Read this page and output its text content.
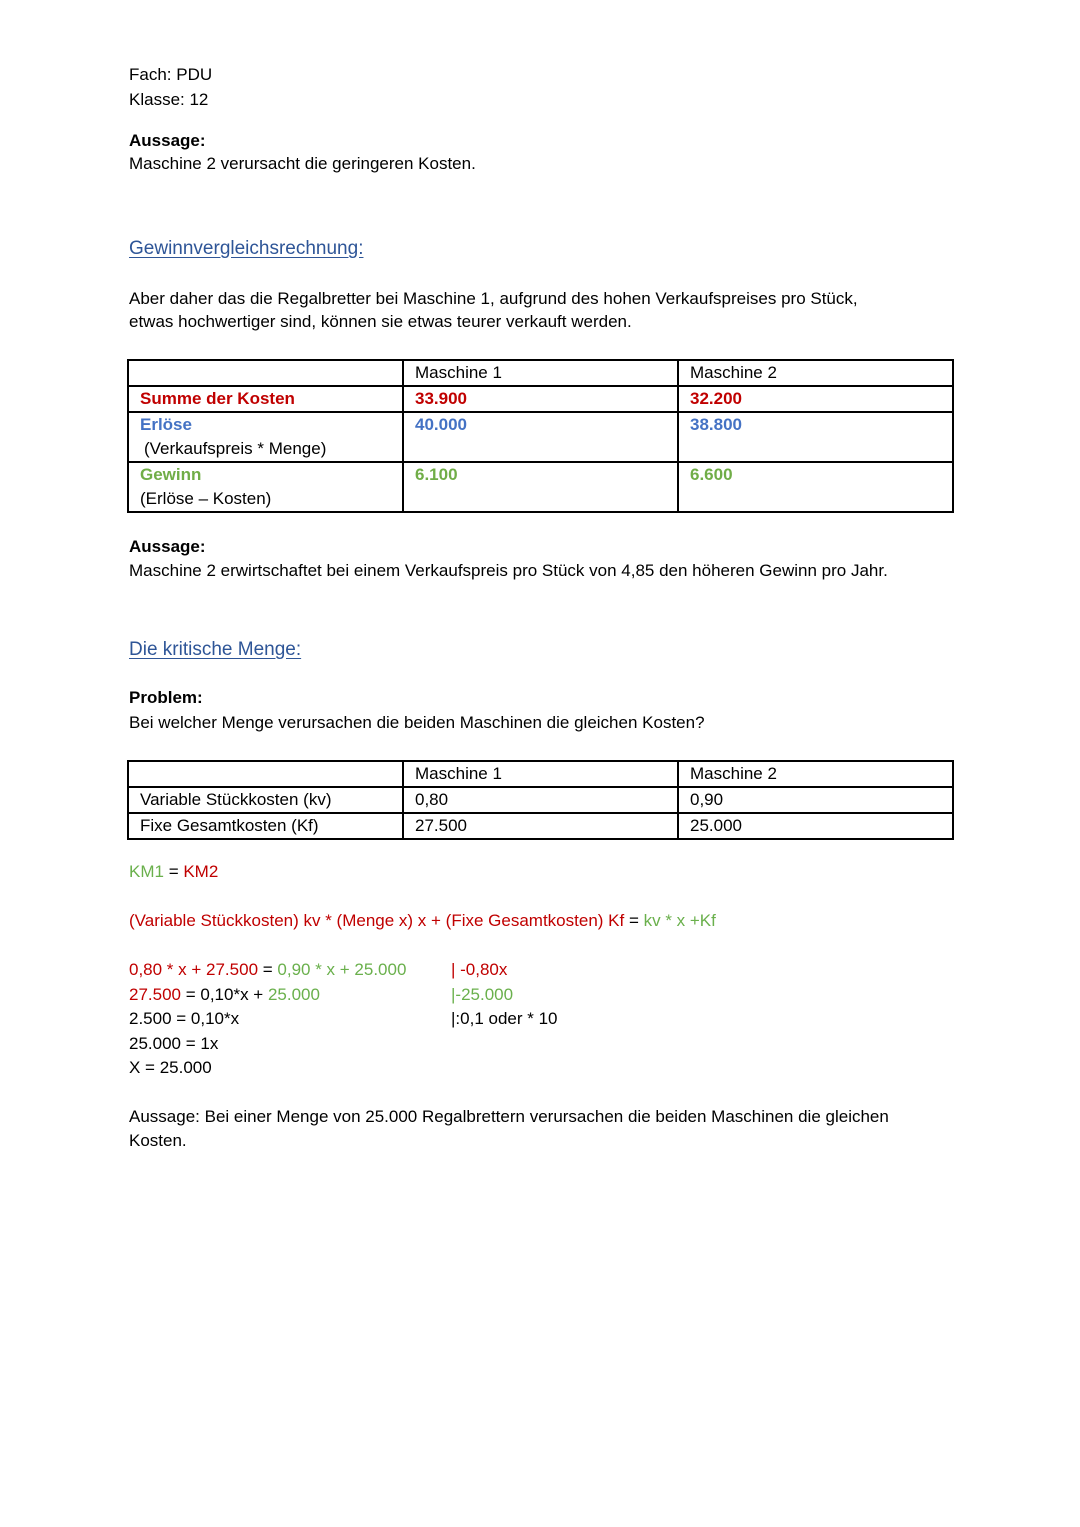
Fach: PDU
Klasse: 12
Aussage:
Maschine 2 verursacht die geringeren Kosten.
Gewinnvergleichsrechnung:
Aber daher das die Regalbretter bei Maschine 1, aufgrund des hohen Verkaufspreises pro Stück,
etwas hochwertiger sind, können sie etwas teurer verkauft werden.
	Maschine 1	Maschine 2
Summe der Kosten	33.900	32.200

Erlöse
(Verkaufspreis * Menge)	40.000	38.800

Gewinn
(Erlöse – Kosten)	6.100	6.600
Aussage:
Maschine 2 erwirtschaftet bei einem Verkaufspreis pro Stück von 4,85 den höheren Gewinn pro Jahr.
Die kritische Menge:
Problem:
Bei welcher Menge verursachen die beiden Maschinen die gleichen Kosten?
	Maschine 1	Maschine 2
Variable Stückkosten (kv)	0,80	0,90
Fixe Gesamtkosten (Kf)	27.500	25.000
KM1 = KM2
(Variable Stückkosten) kv * (Menge x) x + (Fixe Gesamtkosten) Kf = kv * x +Kf
0,80 * x + 27.500 = 0,90 * x + 25.000
27.500 = 0,10*x + 25.000
2.500 = 0,10*x
25.000 = 1x
X = 25.000
| -0,80x
|-25.000
|:0,1 oder * 10
Aussage: Bei einer Menge von 25.000 Regalbrettern verursachen die beiden Maschinen die gleichen
Kosten.
